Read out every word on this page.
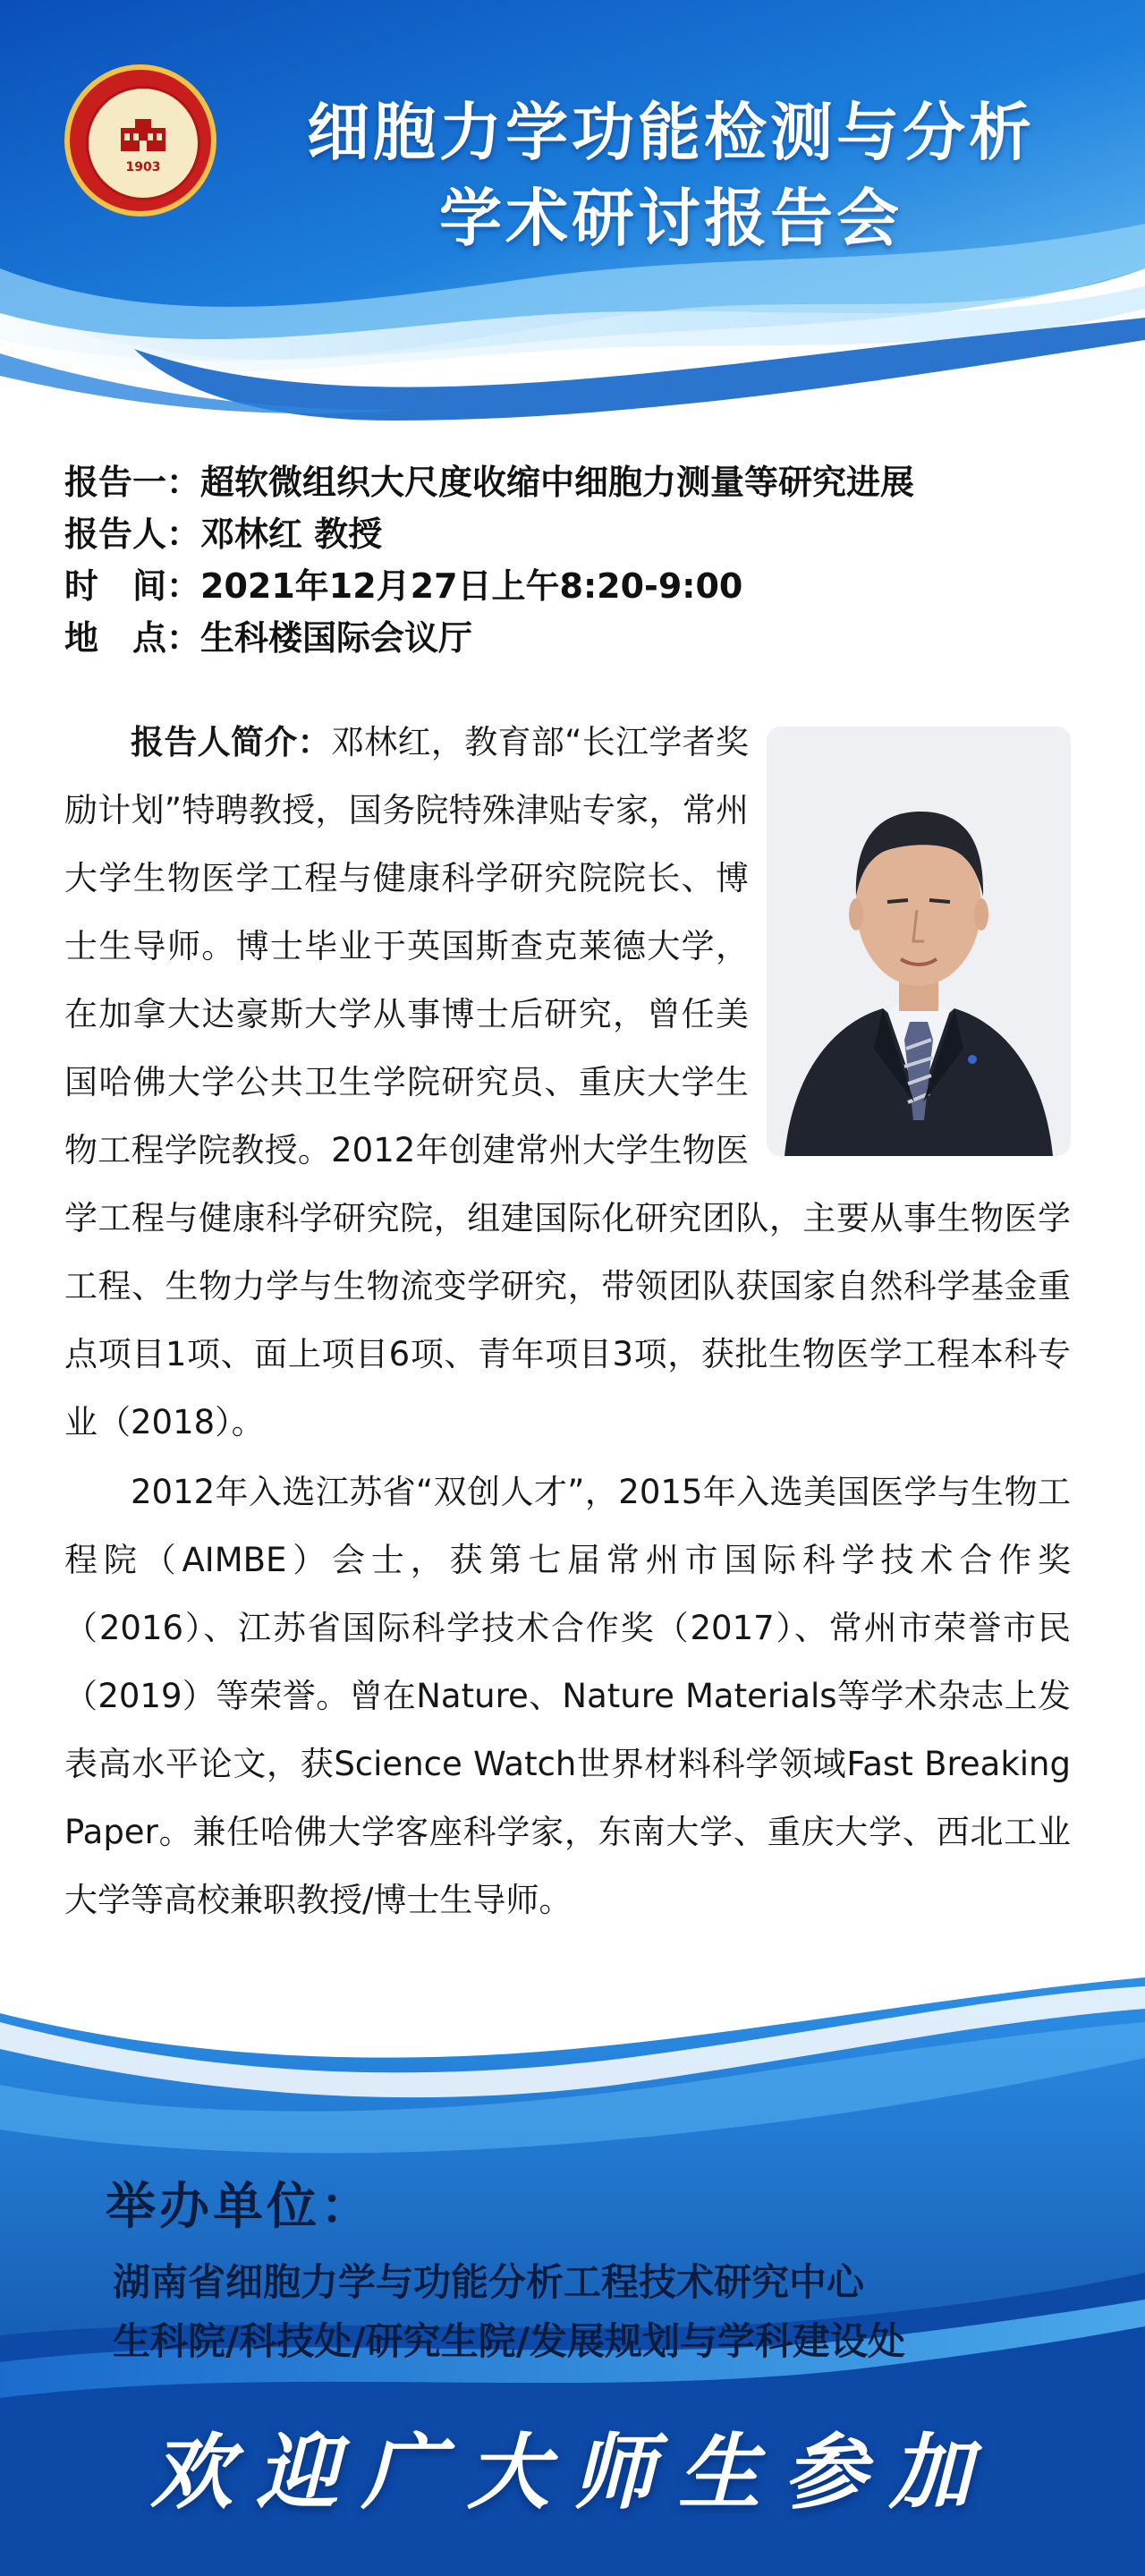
1903	细胞力学功能检测与分析
学术研讨报告会
报告一：超软微组织大尺度收缩中细胞力测量等研究进展
报告人：邓林红 教授
时　间：2021年12月27日上午8:20-9:00
地　点：生科楼国际会议厅

报告人简介：邓林红，教育部“长江学者奖励计划”特聘教授，国务院特殊津贴专家，常州大学生物医学工程与健康科学研究院院长、博士生导师。博士毕业于英国斯查克莱德大学，在加拿大达豪斯大学从事博士后研究，曾任美国哈佛大学公共卫生学院研究员、重庆大学生物工程学院教授。2012年创建常州大学生物医学工程与健康科学研究院，组建国际化研究团队，主要从事生物医学工程、生物力学与生物流变学研究，带领团队获国家自然科学基金重点项目1项、面上项目6项、青年项目3项，获批生物医学工程本科专业（2018）。

2012年入选江苏省“双创人才”，2015年入选美国医学与生物工程院（AIMBE）会士，获第七届常州市国际科学技术合作奖（2016）、江苏省国际科学技术合作奖（2017）、常州市荣誉市民（2019）等荣誉。曾在Nature、Nature Materials等学术杂志上发表高水平论文，获Science Watch世界材料科学领域Fast Breaking Paper。兼任哈佛大学客座科学家，东南大学、重庆大学、西北工业大学等高校兼职教授/博士生导师。

举办单位：
湖南省细胞力学与功能分析工程技术研究中心
生科院/科技处/研究生院/发展规划与学科建设处
欢迎广大师生参加
